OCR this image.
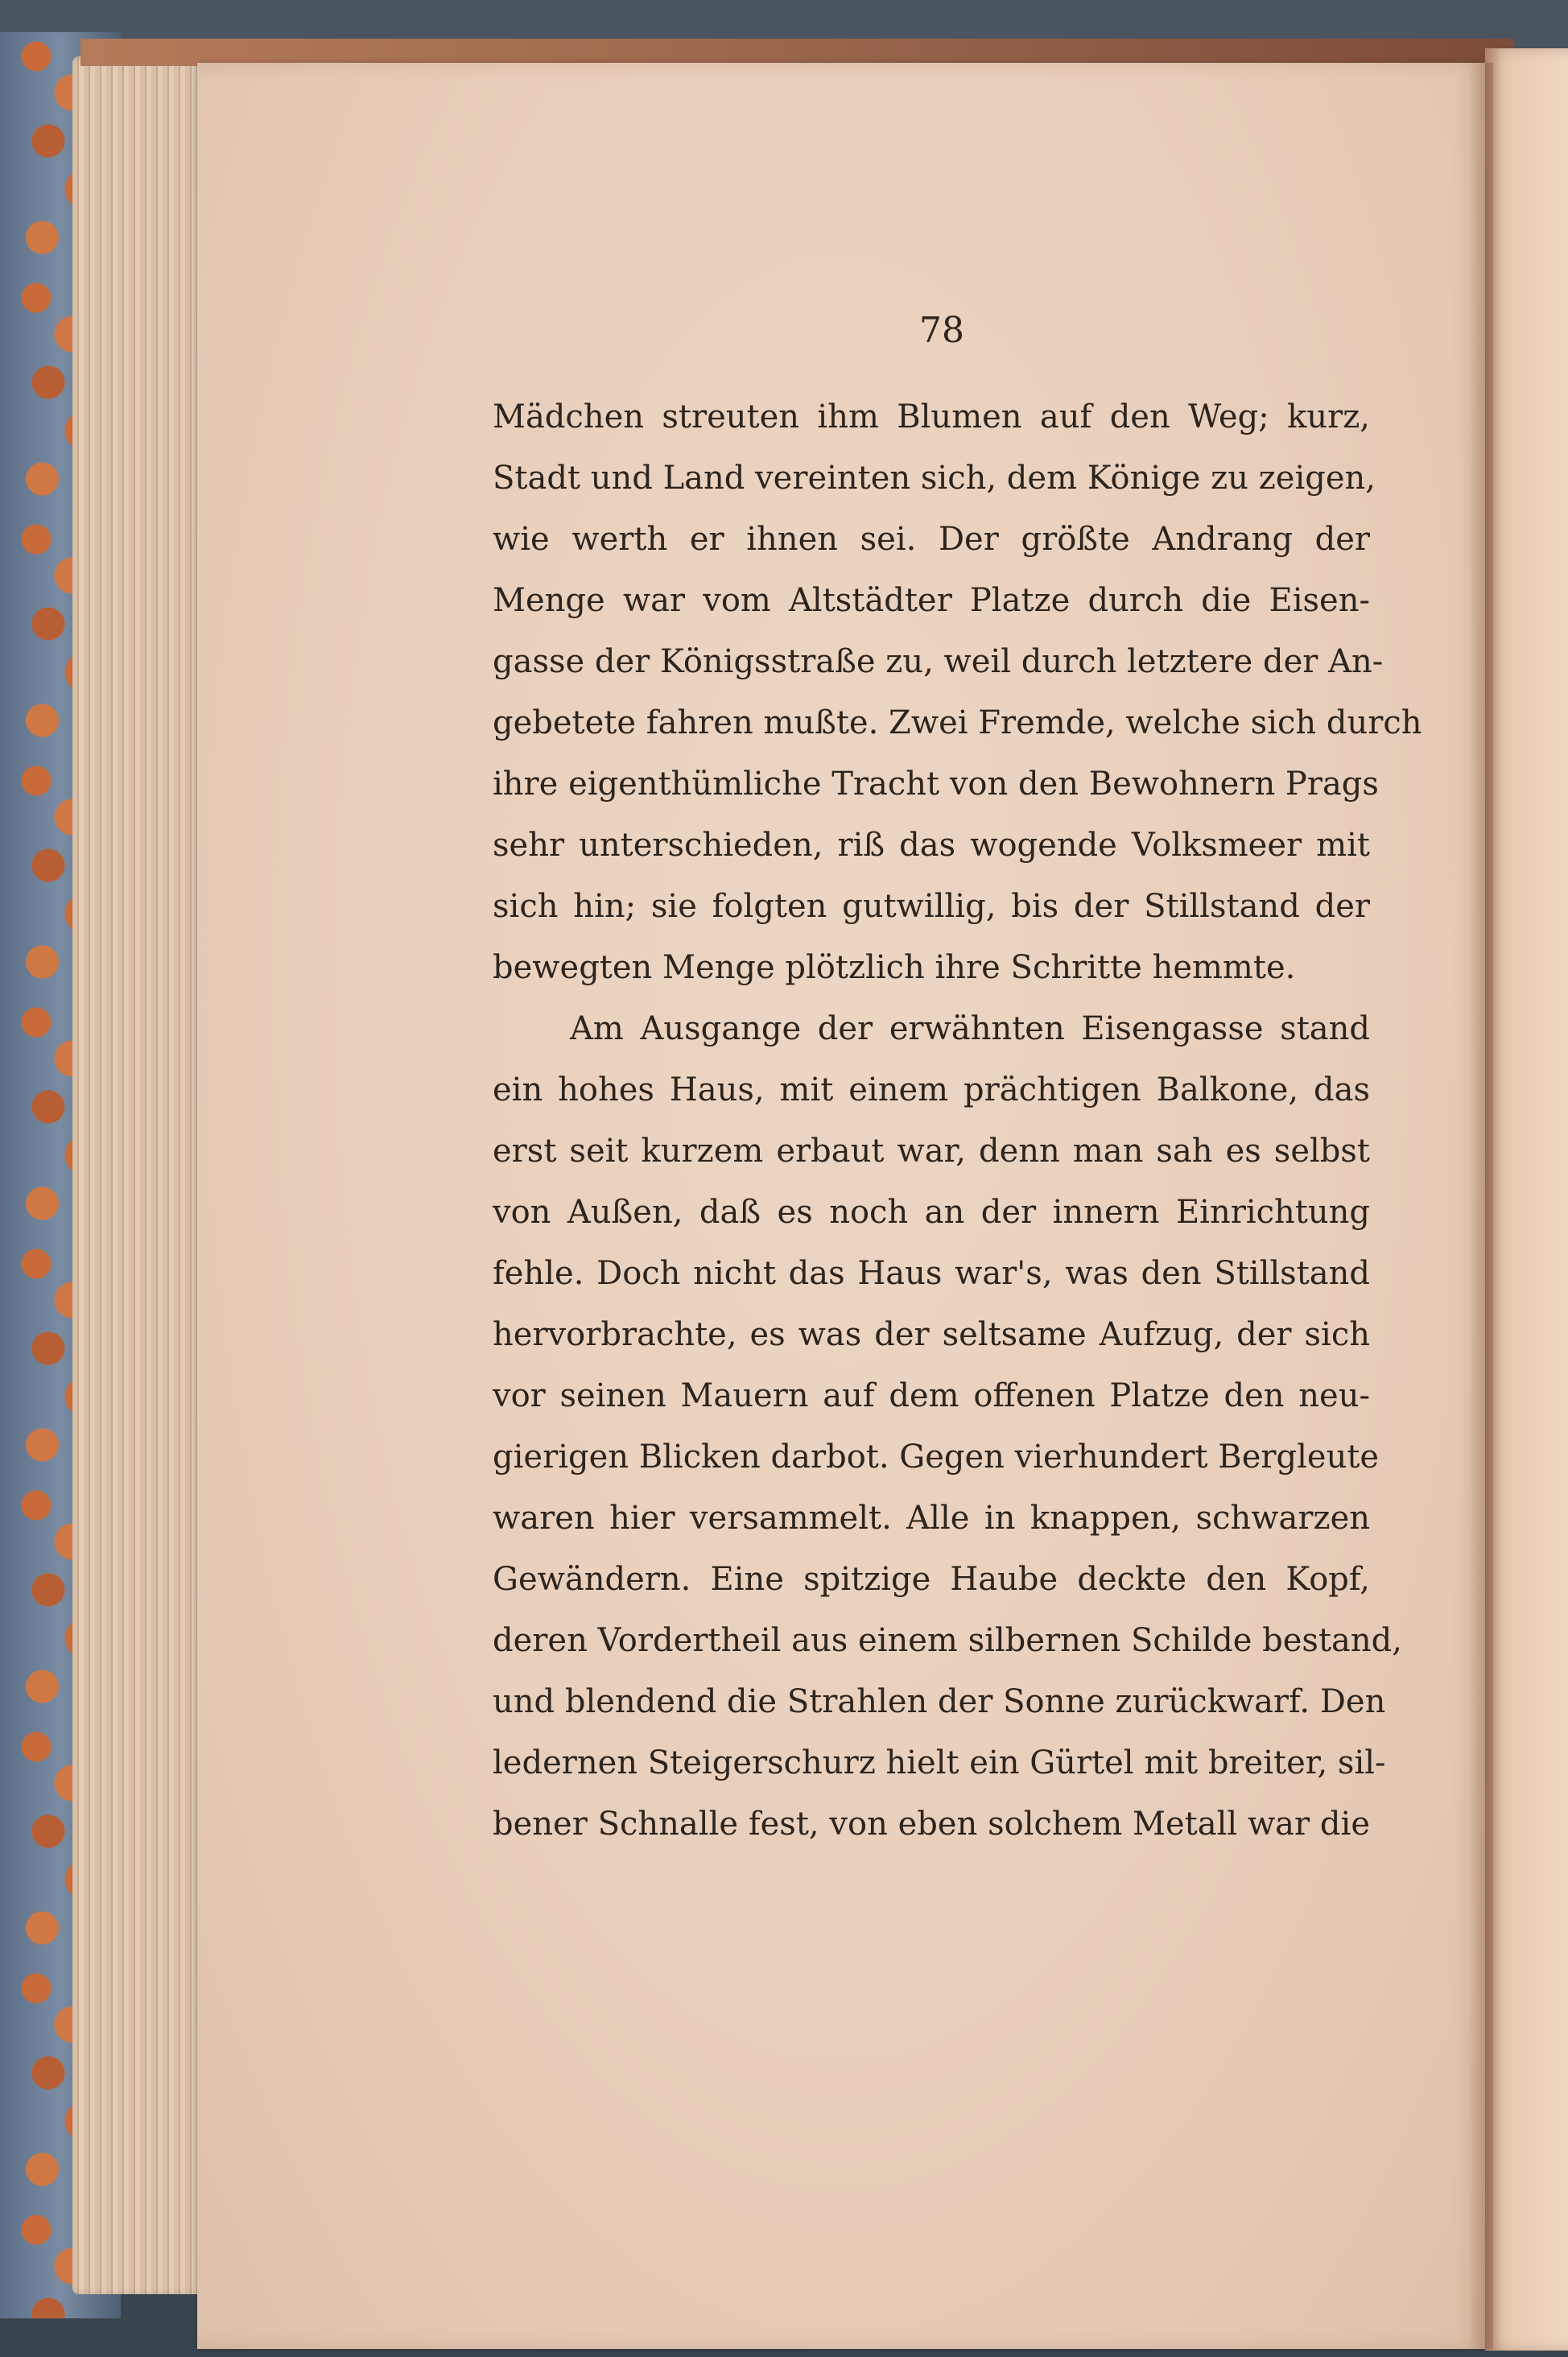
78
Mädchen streuten ihm Blumen auf den Weg; kurz,
Stadt und Land vereinten sich, dem Könige zu zeigen,
wie werth er ihnen sei. Der größte Andrang der
Menge war vom Altstädter Platze durch die Eisen-
gasse der Königsstraße zu, weil durch letztere der An-
gebetete fahren mußte. Zwei Fremde, welche sich durch
ihre eigenthümliche Tracht von den Bewohnern Prags
sehr unterschieden, riß das wogende Volksmeer mit
sich hin; sie folgten gutwillig, bis der Stillstand der
bewegten Menge plötzlich ihre Schritte hemmte.
Am Ausgange der erwähnten Eisengasse stand
ein hohes Haus, mit einem prächtigen Balkone, das
erst seit kurzem erbaut war, denn man sah es selbst
von Außen, daß es noch an der innern Einrichtung
fehle. Doch nicht das Haus war's, was den Stillstand
hervorbrachte, es was der seltsame Aufzug, der sich
vor seinen Mauern auf dem offenen Platze den neu-
gierigen Blicken darbot. Gegen vierhundert Bergleute
waren hier versammelt. Alle in knappen, schwarzen
Gewändern. Eine spitzige Haube deckte den Kopf,
deren Vordertheil aus einem silbernen Schilde bestand,
und blendend die Strahlen der Sonne zurückwarf. Den
ledernen Steigerschurz hielt ein Gürtel mit breiter, sil-
bener Schnalle fest, von eben solchem Metall war die
